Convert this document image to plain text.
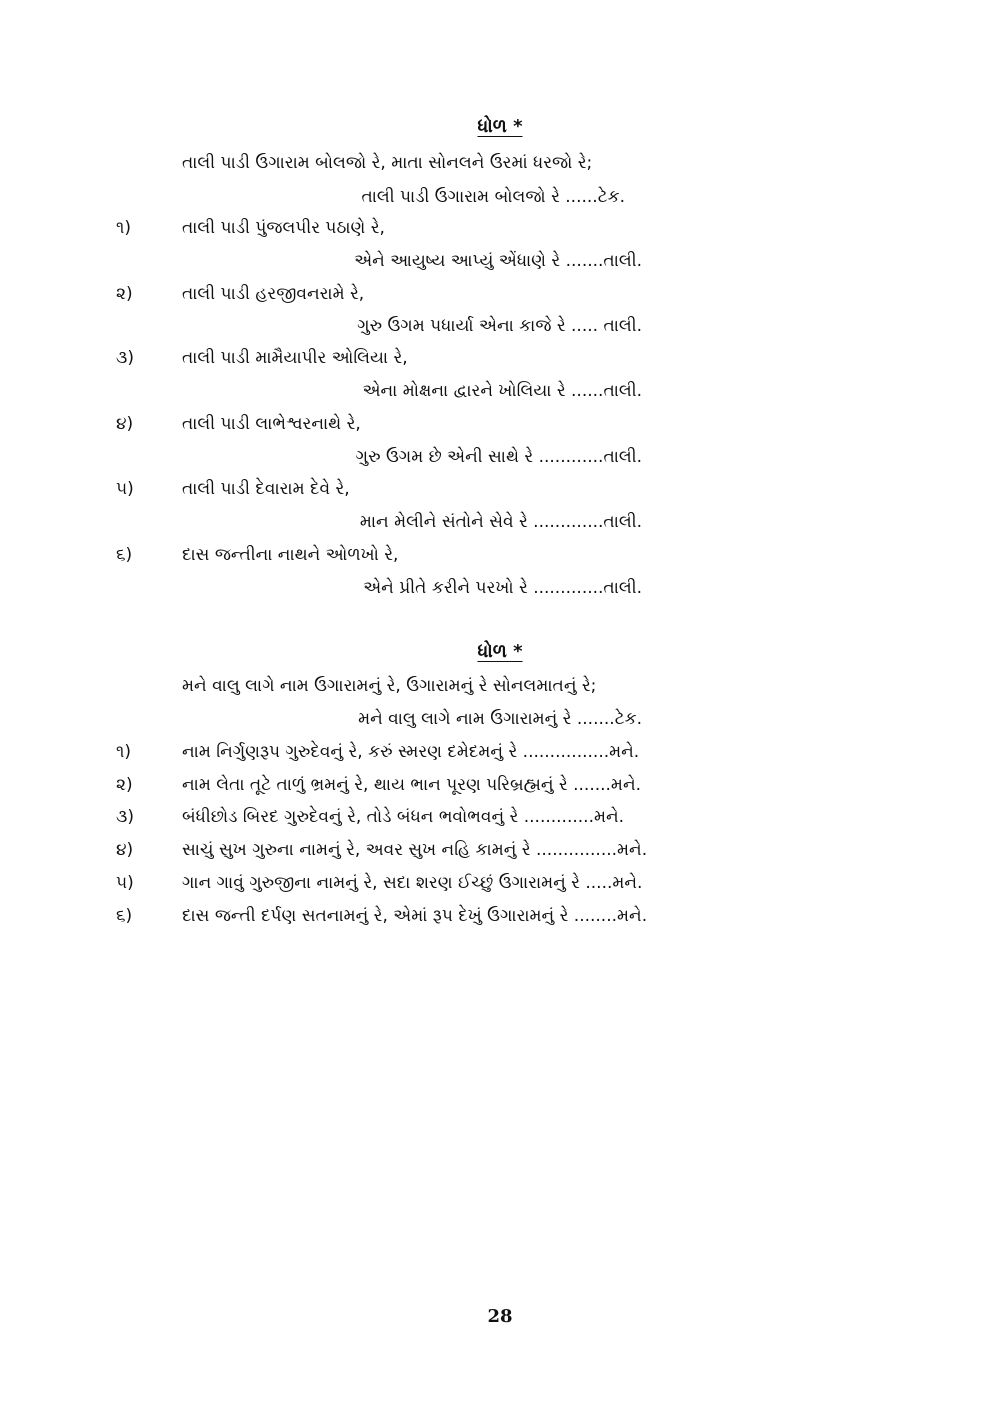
ધોળ *
તાલી પાડી ઉગારામ બોલજો રે, માતા સોનલને ઉરમાં ધરજો રે;
તાલી પાડી ઉગારામ બોલજો રે ......ટેક.
૧)	તાલી પાડી પુંજલપીર પઠાણે રે,
એને આયુષ્ય આપ્યું એંધાણે રે .......તાલી.
૨)	તાલી પાડી હરજીવનરામે રે,
ગુરુ ઉગમ પધાર્યા એના કાજે રે ..... તાલી.
૩)	તાલી પાડી મામૈયાપીર ઓલિયા રે,
એના મોક્ષના દ્વારને ખોલિયા રે ......તાલી.
૪)	તાલી પાડી લાભેશ્વરનાથે રે,
ગુરુ ઉગમ છે એની સાથે રે ............તાલી.
૫)	તાલી પાડી દેવારામ દેવે રે,
માન મેલીને સંતોને સેવે રે .............તાલી.
૬)	દાસ જન્તીના નાથને ઓળખો રે,
એને પ્રીતે કરીને પરખો રે .............તાલી.
ધોળ *
મને વાલુ લાગે નામ ઉગારામનું રે, ઉગારામનું રે સોનલમાતનું રે;
મને વાલુ લાગે નામ ઉગારામનું રે .......ટેક.
૧)	નામ નિર્ગુણરૂપ ગુરુદેવનું રે, કરું સ્મરણ દમેદમનું રે ................મને.
૨)	નામ લેતા તૂટે તાળું ભ્રમનું રે, થાય ભાન પૂરણ પરિબ્રહ્મનું રે .......મને.
૩)	બંધીછોડ બિરદ ગુરુદેવનું રે, તોડે બંધન ભવોભવનું રે .............મને.
૪)	સાચું સુખ ગુરુના નામનું રે, અવર સુખ નહિ કામનું રે ...............મને.
૫)	ગાન ગાવું ગુરુજીના નામનું રે, સદા શરણ ઈચ્છું ઉગારામનું રે .....મને.
૬)	દાસ જન્તી દર્પણ સતનામનું રે, એમાં રૂપ દેખું ઉગારામનું રે ........મને.
28
